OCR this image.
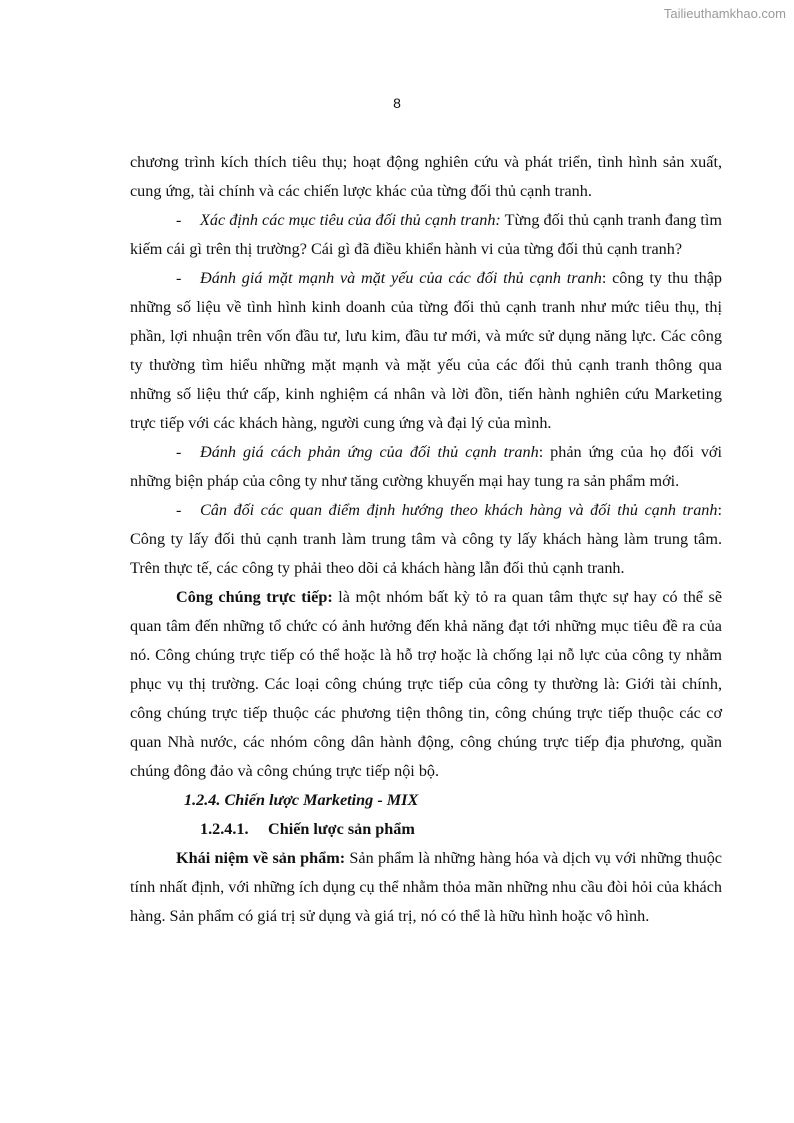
Tailieuthamkhao.com
8

chương trình kích thích tiêu thụ; hoạt động nghiên cứu và phát triển, tình hình sản xuất, cung ứng, tài chính và các chiến lược khác của từng đối thủ cạnh tranh.

- Xác định các mục tiêu của đối thủ cạnh tranh: Từng đối thủ cạnh tranh đang tìm kiếm cái gì trên thị trường? Cái gì đã điều khiển hành vi của từng đối thủ cạnh tranh?

- Đánh giá mặt mạnh và mặt yếu của các đối thủ cạnh tranh: công ty thu thập những số liệu về tình hình kinh doanh của từng đối thủ cạnh tranh như mức tiêu thụ, thị phần, lợi nhuận trên vốn đầu tư, lưu kim, đầu tư mới, và mức sử dụng năng lực. Các công ty thường tìm hiểu những mặt mạnh và mặt yếu của các đối thủ cạnh tranh thông qua những số liệu thứ cấp, kinh nghiệm cá nhân và lời đồn, tiến hành nghiên cứu Marketing trực tiếp với các khách hàng, người cung ứng và đại lý của mình.

- Đánh giá cách phản ứng của đối thủ cạnh tranh: phản ứng của họ đối với những biện pháp của công ty như tăng cường khuyến mại hay tung ra sản phẩm mới.

- Cân đối các quan điểm định hướng theo khách hàng và đối thủ cạnh tranh: Công ty lấy đối thủ cạnh tranh làm trung tâm và công ty lấy khách hàng làm trung tâm. Trên thực tế, các công ty phải theo dõi cả khách hàng lẫn đối thủ cạnh tranh.

Công chúng trực tiếp: là một nhóm bất kỳ tỏ ra quan tâm thực sự hay có thể sẽ quan tâm đến những tổ chức có ảnh hưởng đến khả năng đạt tới những mục tiêu đề ra của nó. Công chúng trực tiếp có thể hoặc là hỗ trợ hoặc là chống lại nỗ lực của công ty nhằm phục vụ thị trường. Các loại công chúng trực tiếp của công ty thường là: Giới tài chính, công chúng trực tiếp thuộc các phương tiện thông tin, công chúng trực tiếp thuộc các cơ quan Nhà nước, các nhóm công dân hành động, công chúng trực tiếp địa phương, quần chúng đông đảo và công chúng trực tiếp nội bộ.

1.2.4. Chiến lược Marketing - MIX

1.2.4.1. Chiến lược sản phẩm

Khái niệm về sản phẩm: Sản phẩm là những hàng hóa và dịch vụ với những thuộc tính nhất định, với những ích dụng cụ thể nhằm thỏa mãn những nhu cầu đòi hỏi của khách hàng. Sản phẩm có giá trị sử dụng và giá trị, nó có thể là hữu hình hoặc vô hình.
